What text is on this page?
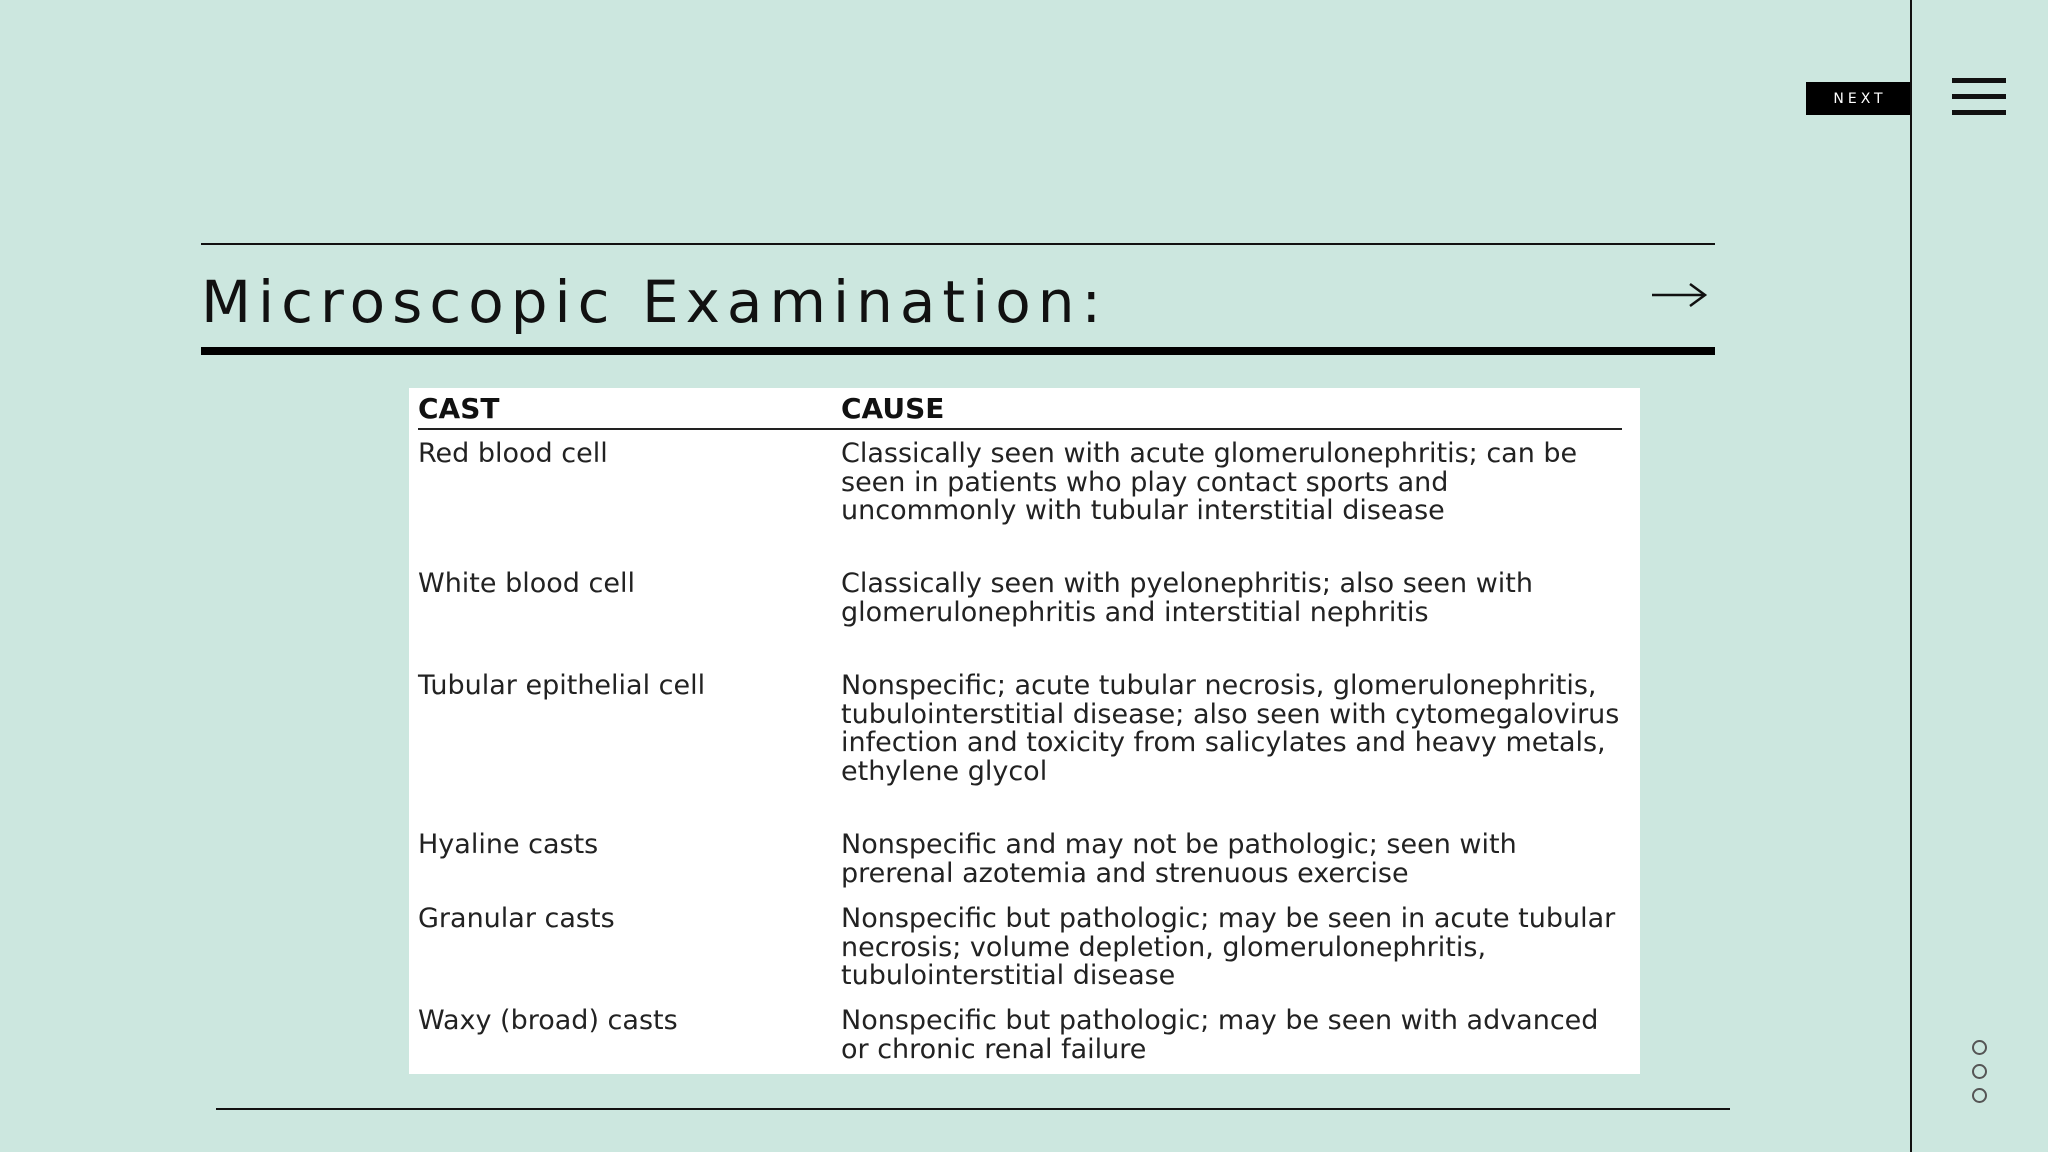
NEXT
Microscopic Examination:
CAST	CAUSE
Red blood cell	Classically seen with acute glomerulonephritis; can be seen in patients who play contact sports and uncommonly with tubular interstitial disease
White blood cell	Classically seen with pyelonephritis; also seen with glomerulonephritis and interstitial nephritis
Tubular epithelial cell	Nonspecific; acute tubular necrosis, glomerulonephritis, tubulointerstitial disease; also seen with cytomegalovirus infection and toxicity from salicylates and heavy metals, ethylene glycol
Hyaline casts	Nonspecific and may not be pathologic; seen with prerenal azotemia and strenuous exercise
Granular casts	Nonspecific but pathologic; may be seen in acute tubular necrosis; volume depletion, glomerulonephritis, tubulointerstitial disease
Waxy (broad) casts	Nonspecific but pathologic; may be seen with advanced or chronic renal failure
